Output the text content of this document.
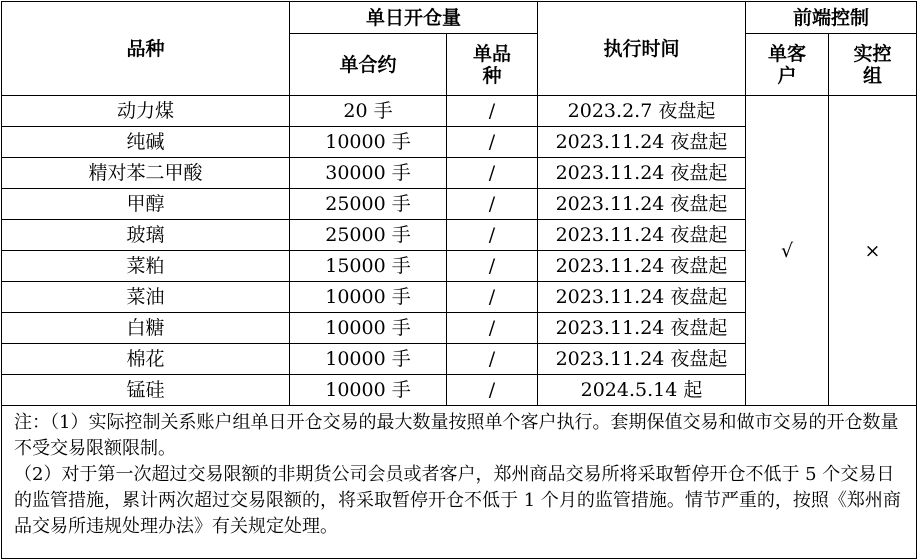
品种	单日开仓量		执行时间	前端控制	
	单合约	单品种		单客户	实控组
动力煤	20 手	/	2023.2.7 夜盘起	√	×
纯碱	10000 手	/	2023.11.24 夜盘起		
精对苯二甲酸	30000 手	/	2023.11.24 夜盘起		
甲醇	25000 手	/	2023.11.24 夜盘起		
玻璃	25000 手	/	2023.11.24 夜盘起		
菜粕	15000 手	/	2023.11.24 夜盘起		
菜油	10000 手	/	2023.11.24 夜盘起		
白糖	10000 手	/	2023.11.24 夜盘起		
棉花	10000 手	/	2023.11.24 夜盘起		
锰硅	10000 手	/	2024.5.14 起		

注：（1）实际控制关系账户组单日开仓交易的最大数量按照单个客户执行。套期保值交易和做市交易的开仓数量不受交易限额限制。

（2）对于第一次超过交易限额的非期货公司会员或者客户，郑州商品交易所将采取暂停开仓不低于 5 个交易日的监管措施，累计两次超过交易限额的，将采取暂停开仓不低于 1 个月的监管措施。情节严重的，按照《郑州商品交易所违规处理办法》有关规定处理。					
